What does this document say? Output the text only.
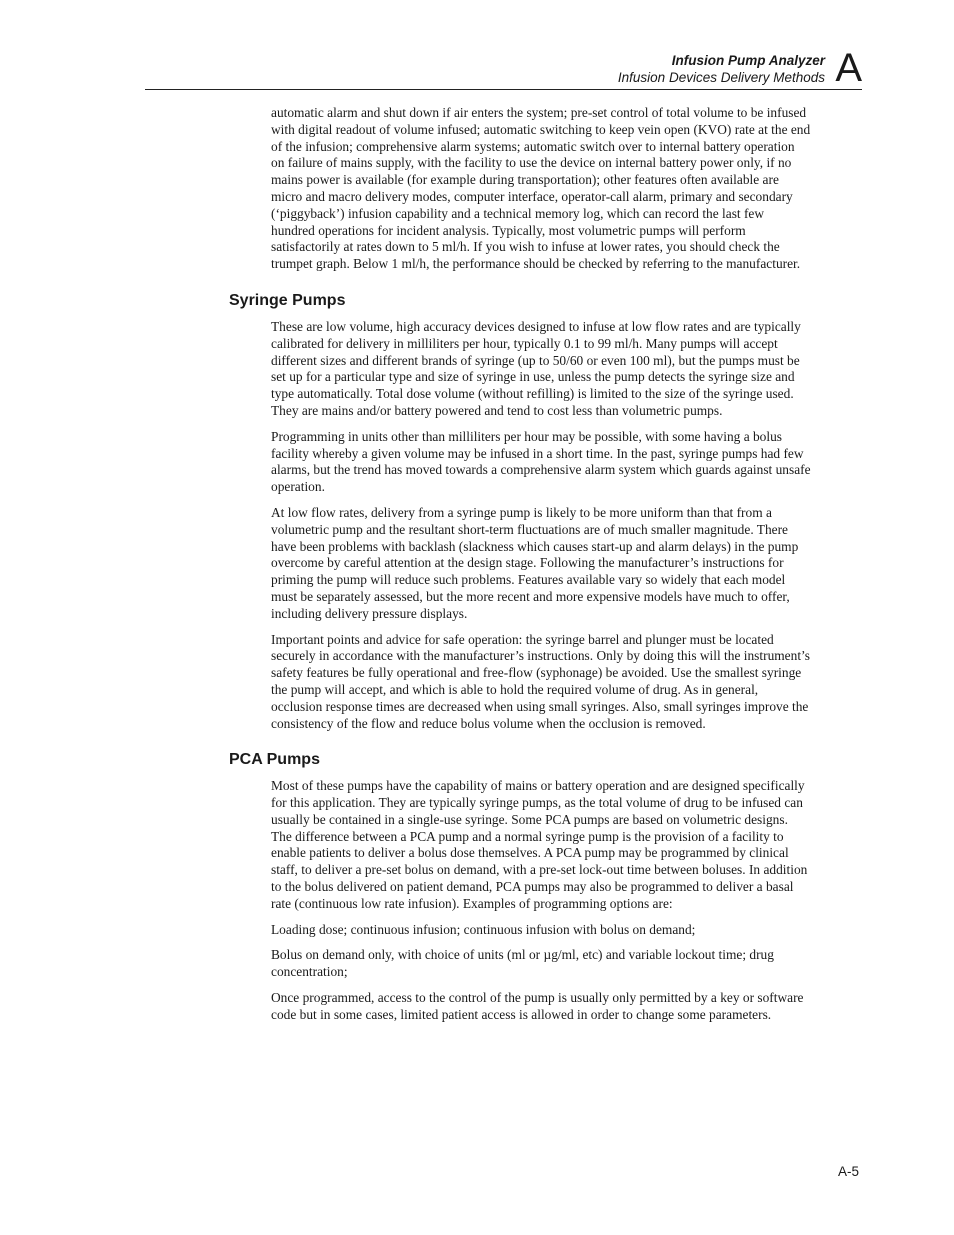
Infusion Pump Analyzer
Infusion Devices Delivery Methods A

automatic alarm and shut down if air enters the system; pre-set control of total volume to be infused with digital readout of volume infused; automatic switching to keep vein open (KVO) rate at the end of the infusion; comprehensive alarm systems; automatic switch over to internal battery operation on failure of mains supply, with the facility to use the device on internal battery power only, if no mains power is available (for example during transportation); other features often available are micro and macro delivery modes, computer interface, operator-call alarm, primary and secondary (‘piggyback’) infusion capability and a technical memory log, which can record the last few hundred operations for incident analysis. Typically, most volumetric pumps will perform satisfactorily at rates down to 5 ml/h. If you wish to infuse at lower rates, you should check the trumpet graph. Below 1 ml/h, the performance should be checked by referring to the manufacturer.

Syringe Pumps

These are low volume, high accuracy devices designed to infuse at low flow rates and are typically calibrated for delivery in milliliters per hour, typically 0.1 to 99 ml/h. Many pumps will accept different sizes and different brands of syringe (up to 50/60 or even 100 ml), but the pumps must be set up for a particular type and size of syringe in use, unless the pump detects the syringe size and type automatically. Total dose volume (without refilling) is limited to the size of the syringe used. They are mains and/or battery powered and tend to cost less than volumetric pumps.

Programming in units other than milliliters per hour may be possible, with some having a bolus facility whereby a given volume may be infused in a short time. In the past, syringe pumps had few alarms, but the trend has moved towards a comprehensive alarm system which guards against unsafe operation.

At low flow rates, delivery from a syringe pump is likely to be more uniform than that from a volumetric pump and the resultant short-term fluctuations are of much smaller magnitude. There have been problems with backlash (slackness which causes start-up and alarm delays) in the pump overcome by careful attention at the design stage. Following the manufacturer’s instructions for priming the pump will reduce such problems. Features available vary so widely that each model must be separately assessed, but the more recent and more expensive models have much to offer, including delivery pressure displays.

Important points and advice for safe operation: the syringe barrel and plunger must be located securely in accordance with the manufacturer’s instructions. Only by doing this will the instrument’s safety features be fully operational and free-flow (syphonage) be avoided. Use the smallest syringe the pump will accept, and which is able to hold the required volume of drug. As in general, occlusion response times are decreased when using small syringes. Also, small syringes improve the consistency of the flow and reduce bolus volume when the occlusion is removed.

PCA Pumps

Most of these pumps have the capability of mains or battery operation and are designed specifically for this application. They are typically syringe pumps, as the total volume of drug to be infused can usually be contained in a single-use syringe. Some PCA pumps are based on volumetric designs. The difference between a PCA pump and a normal syringe pump is the provision of a facility to enable patients to deliver a bolus dose themselves. A PCA pump may be programmed by clinical staff, to deliver a pre-set bolus on demand, with a pre-set lock-out time between boluses. In addition to the bolus delivered on patient demand, PCA pumps may also be programmed to deliver a basal rate (continuous low rate infusion). Examples of programming options are:

Loading dose; continuous infusion; continuous infusion with bolus on demand;

Bolus on demand only, with choice of units (ml or µg/ml, etc) and variable lockout time; drug concentration;

Once programmed, access to the control of the pump is usually only permitted by a key or software code but in some cases, limited patient access is allowed in order to change some parameters.

A-5
